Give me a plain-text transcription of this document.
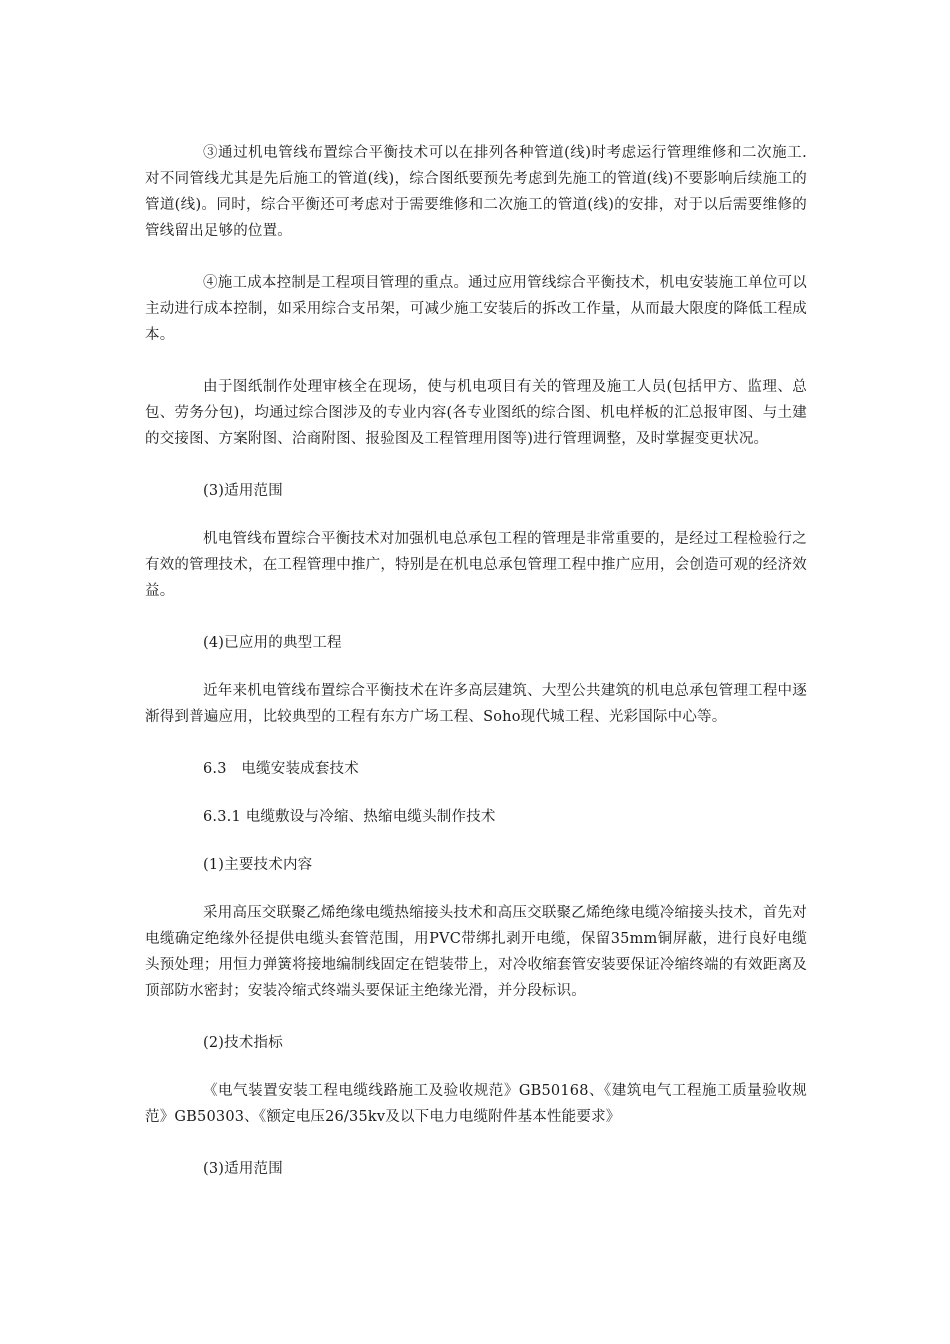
③通过机电管线布置综合平衡技术可以在排列各种管道(线)时考虑运行管理维修和二次施工.对不同管线尤其是先后施工的管道(线)，综合图纸要预先考虑到先施工的管道(线)不要影响后续施工的管道(线)。同时，综合平衡还可考虑对于需要维修和二次施工的管道(线)的安排，对于以后需要维修的管线留出足够的位置。

④施工成本控制是工程项目管理的重点。通过应用管线综合平衡技术，机电安装施工单位可以主动进行成本控制，如采用综合支吊架，可减少施工安装后的拆改工作量，从而最大限度的降低工程成本。

由于图纸制作处理审核全在现场，使与机电项目有关的管理及施工人员(包括甲方、监理、总包、劳务分包)，均通过综合图涉及的专业内容(各专业图纸的综合图、机电样板的汇总报审图、与土建的交接图、方案附图、洽商附图、报验图及工程管理用图等)进行管理调整，及时掌握变更状况。

(3)适用范围

机电管线布置综合平衡技术对加强机电总承包工程的管理是非常重要的，是经过工程检验行之有效的管理技术，在工程管理中推广，特别是在机电总承包管理工程中推广应用，会创造可观的经济效益。

(4)已应用的典型工程

近年来机电管线布置综合平衡技术在许多高层建筑、大型公共建筑的机电总承包管理工程中逐渐得到普遍应用，比较典型的工程有东方广场工程、Soho现代城工程、光彩国际中心等。

6.3　电缆安装成套技术

6.3.1 电缆敷设与冷缩、热缩电缆头制作技术

(1)主要技术内容

采用高压交联聚乙烯绝缘电缆热缩接头技术和高压交联聚乙烯绝缘电缆冷缩接头技术，首先对电缆确定绝缘外径提供电缆头套管范围，用PVC带绑扎剥开电缆，保留35mm铜屏蔽，进行良好电缆头预处理；用恒力弹簧将接地编制线固定在铠装带上，对冷收缩套管安装要保证冷缩终端的有效距离及顶部防水密封；安装冷缩式终端头要保证主绝缘光滑，并分段标识。

(2)技术指标

《电气装置安装工程电缆线路施工及验收规范》GB50168、《建筑电气工程施工质量验收规范》GB50303、《额定电压26/35kv及以下电力电缆附件基本性能要求》

(3)适用范围
